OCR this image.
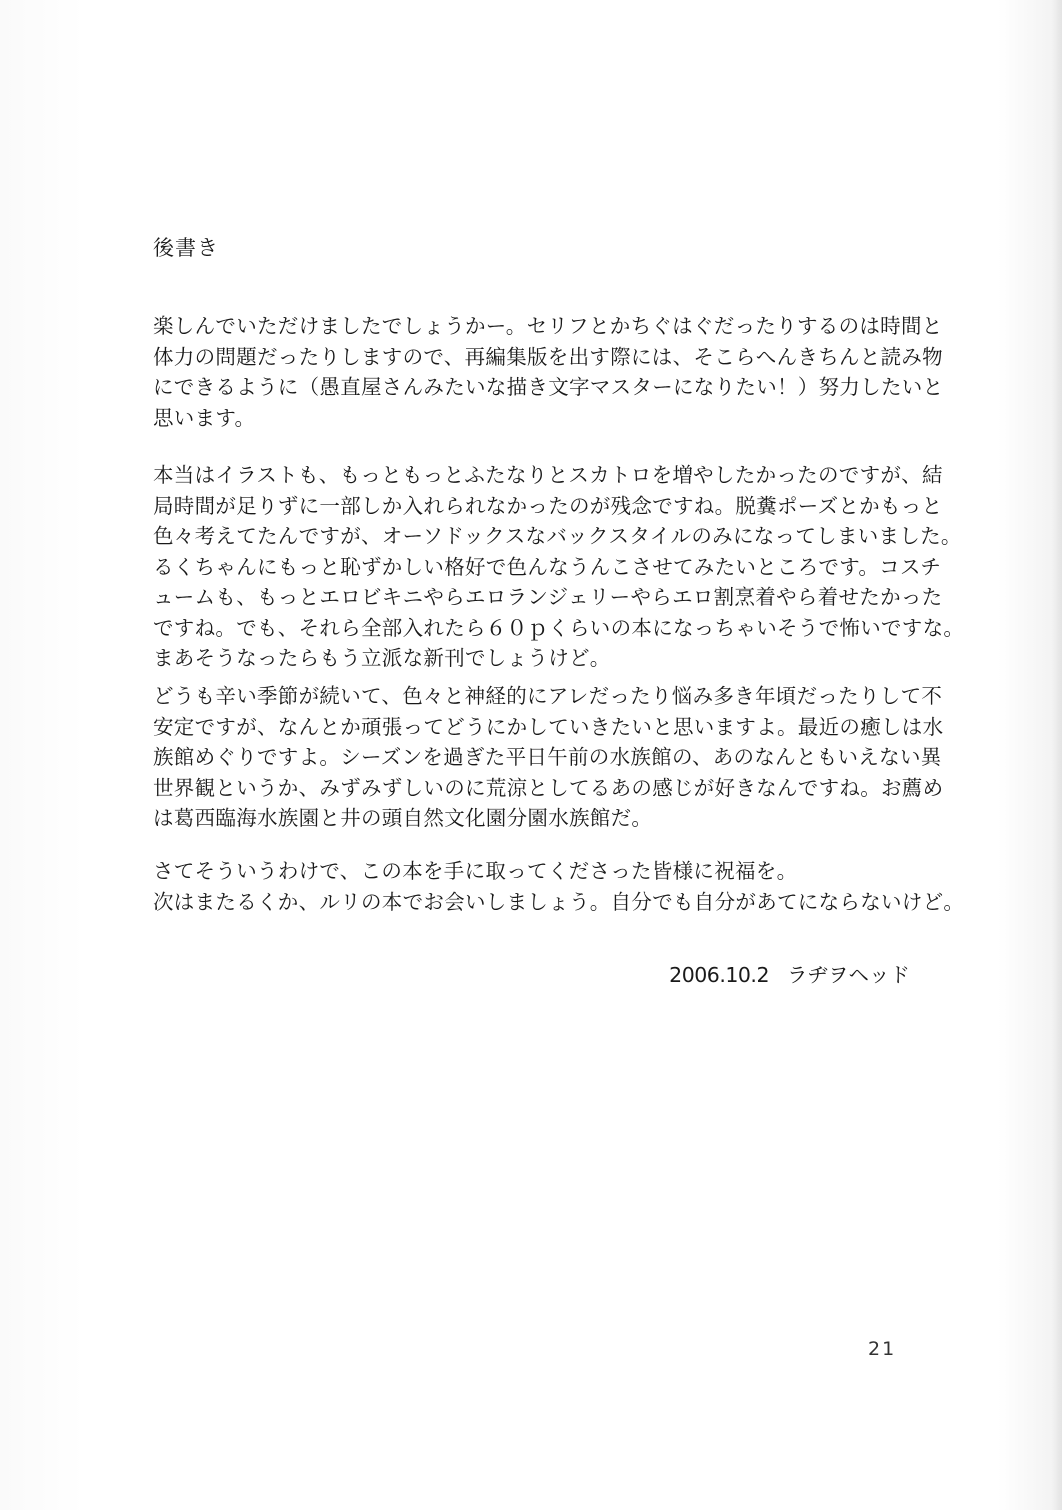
後書き
楽しんでいただけましたでしょうかー。セリフとかちぐはぐだったりするのは時間と
体力の問題だったりしますので、再編集版を出す際には、そこらへんきちんと読み物
にできるように（愚直屋さんみたいな描き文字マスターになりたい！）努力したいと
思います。
本当はイラストも、もっともっとふたなりとスカトロを増やしたかったのですが、結
局時間が足りずに一部しか入れられなかったのが残念ですね。脱糞ポーズとかもっと
色々考えてたんですが、オーソドックスなバックスタイルのみになってしまいました。
るくちゃんにもっと恥ずかしい格好で色んなうんこさせてみたいところです。コスチ
ュームも、もっとエロビキニやらエロランジェリーやらエロ割烹着やら着せたかった
ですね。でも、それら全部入れたら６０ｐくらいの本になっちゃいそうで怖いですな。
まあそうなったらもう立派な新刊でしょうけど。
どうも辛い季節が続いて、色々と神経的にアレだったり悩み多き年頃だったりして不
安定ですが、なんとか頑張ってどうにかしていきたいと思いますよ。最近の癒しは水
族館めぐりですよ。シーズンを過ぎた平日午前の水族館の、あのなんともいえない異
世界観というか、みずみずしいのに荒涼としてるあの感じが好きなんですね。お薦め
は葛西臨海水族園と井の頭自然文化園分園水族館だ。
さてそういうわけで、この本を手に取ってくださった皆様に祝福を。
次はまたるくか、ルリの本でお会いしましょう。自分でも自分があてにならないけど。
2006.10.2 ラヂヲヘッド
21
